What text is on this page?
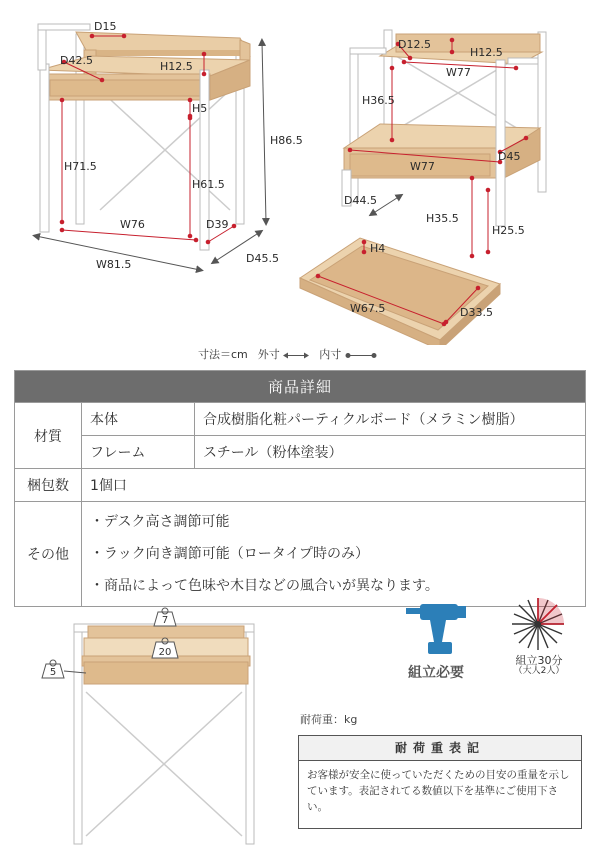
D15
D42.5	H12.5
H5
H71.5
H61.5
H86.5
W76	D39
W81.5	D45.5
D12.5
H12.5
W77
H36.5
W77
D45
D44.5
H35.5
H25.5
H4
W67.5	D33.5
寸法＝cm 外寸	内寸
商品詳細		
材質	本体	合成樹脂化粧パーティクルボード（メラミン樹脂）
	フレーム	スチール（粉体塗装）
梱包数	1個口	
その他	・デスク高さ調節可能
・ラック向き調節可能（ロータイプ時のみ）
・商品によって色味や木目などの風合いが異なります。	
7
20
5	組立必要
組立30分
（大人2人）
耐荷重：kg
耐荷重表記
お客様が安全に使っていただくための目安の重量を示しています。表記されてる数値以下を基準にご使用下さい。
